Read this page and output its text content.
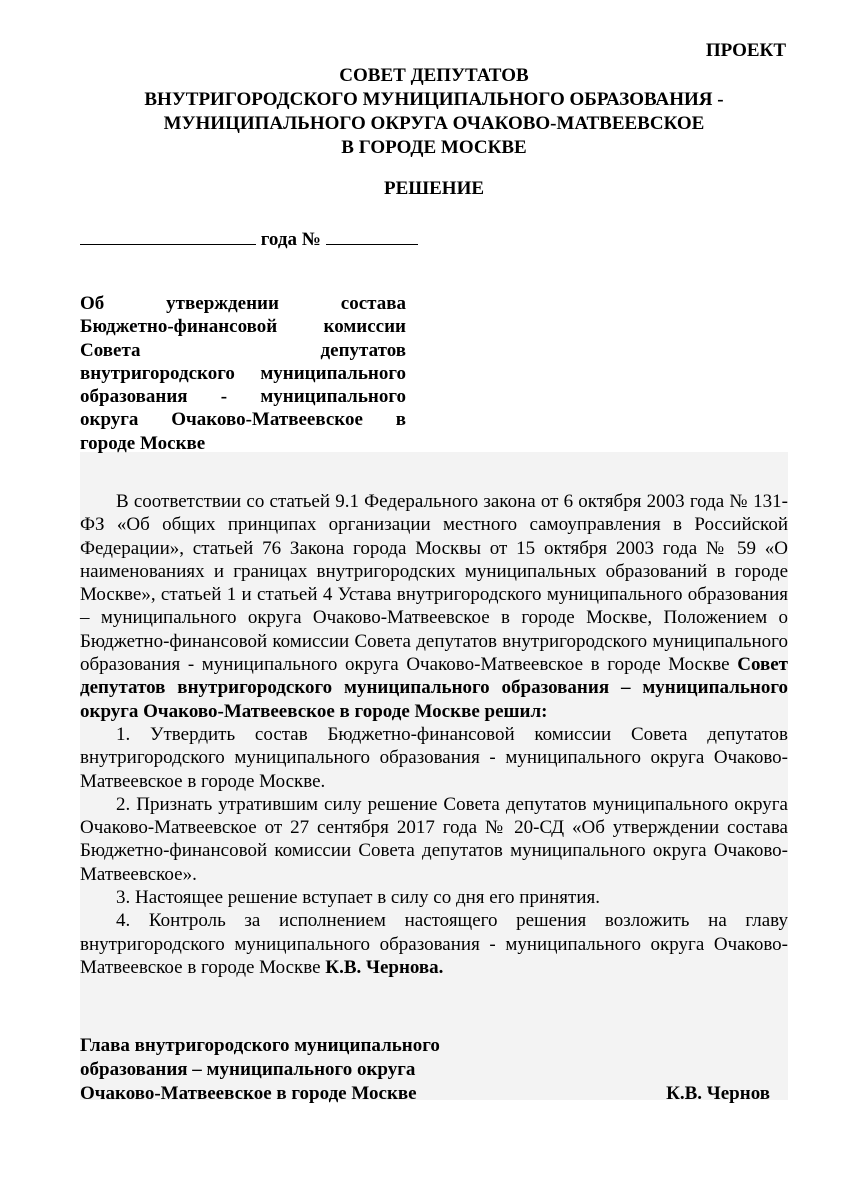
ПРОЕКТ
СОВЕТ ДЕПУТАТОВ
ВНУТРИГОРОДСКОГО МУНИЦИПАЛЬНОГО ОБРАЗОВАНИЯ -
МУНИЦИПАЛЬНОГО ОКРУГА ОЧАКОВО-МАТВЕЕВСКОЕ
В ГОРОДЕ МОСКВЕ
РЕШЕНИЕ
года №
Об утверждении состава
Бюджетно-финансовой комиссии
Совета депутатов
внутригородского муниципального
образования - муниципального
округа Очаково-Матвеевское в
городе Москве

В соответствии со статьей 9.1 Федерального закона от 6 октября 2003 года № 131-ФЗ «Об общих принципах организации местного самоуправления в Российской Федерации», статьей 76 Закона города Москвы от 15 октября 2003 года № 59 «О наименованиях и границах внутригородских муниципальных образований в городе Москве», статьей 1 и статьей 4 Устава внутригородского муниципального образования – муниципального округа Очаково-Матвеевское в городе Москве, Положением о Бюджетно-финансовой комиссии Совета депутатов внутригородского муниципального образования - муниципального округа Очаково-Матвеевское в городе Москве Совет депутатов внутригородского муниципального образования – муниципального округа Очаково-Матвеевское в городе Москве решил:

1. Утвердить состав Бюджетно-финансовой комиссии Совета депутатов внутригородского муниципального образования - муниципального округа Очаково-Матвеевское в городе Москве.

2. Признать утратившим силу решение Совета депутатов муниципального округа Очаково-Матвеевское от 27 сентября 2017 года № 20-СД «Об утверждении состава Бюджетно-финансовой комиссии Совета депутатов муниципального округа Очаково-Матвеевское».

3. Настоящее решение вступает в силу со дня его принятия.

4. Контроль за исполнением настоящего решения возложить на главу внутригородского муниципального образования - муниципального округа Очаково-Матвеевское в городе Москве К.В. Чернова.

Глава внутригородского муниципального
образования – муниципального округа
Очаково-Матвеевское в городе Москве	К.В. Чернов
